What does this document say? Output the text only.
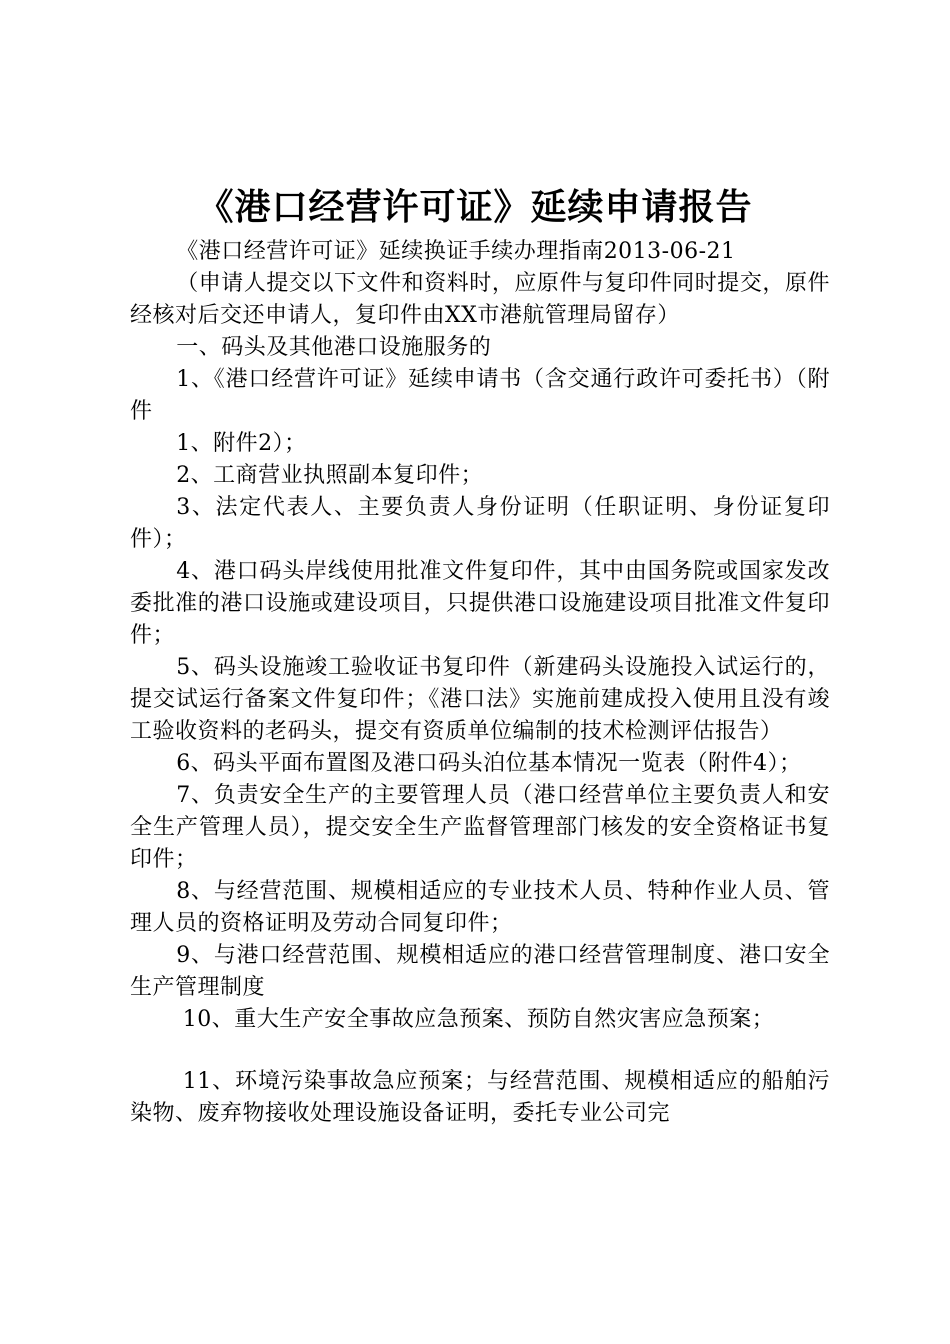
《港口经营许可证》延续申请报告

《港口经营许可证》延续换证手续办理指南2013-06-21

（申请人提交以下文件和资料时，应原件与复印件同时提交，原件经核对后交还申请人，复印件由XX市港航管理局留存）

一、码头及其他港口设施服务的

1、《港口经营许可证》延续申请书（含交通行政许可委托书）（附件

1、附件2）；

2、工商营业执照副本复印件；

3、法定代表人、主要负责人身份证明（任职证明、身份证复印件）；

4、港口码头岸线使用批准文件复印件，其中由国务院或国家发改委批准的港口设施或建设项目，只提供港口设施建设项目批准文件复印件；

5、码头设施竣工验收证书复印件（新建码头设施投入试运行的，提交试运行备案文件复印件；《港口法》实施前建成投入使用且没有竣工验收资料的老码头，提交有资质单位编制的技术检测评估报告）

6、码头平面布置图及港口码头泊位基本情况一览表（附件4）；

7、负责安全生产的主要管理人员（港口经营单位主要负责人和安全生产管理人员），提交安全生产监督管理部门核发的安全资格证书复印件；

8、与经营范围、规模相适应的专业技术人员、特种作业人员、管理人员的资格证明及劳动合同复印件；

9、与港口经营范围、规模相适应的港口经营管理制度、港口安全生产管理制度

10、重大生产安全事故应急预案、预防自然灾害应急预案；

11、环境污染事故急应预案；与经营范围、规模相适应的船舶污染物、废弃物接收处理设施设备证明，委托专业公司完
